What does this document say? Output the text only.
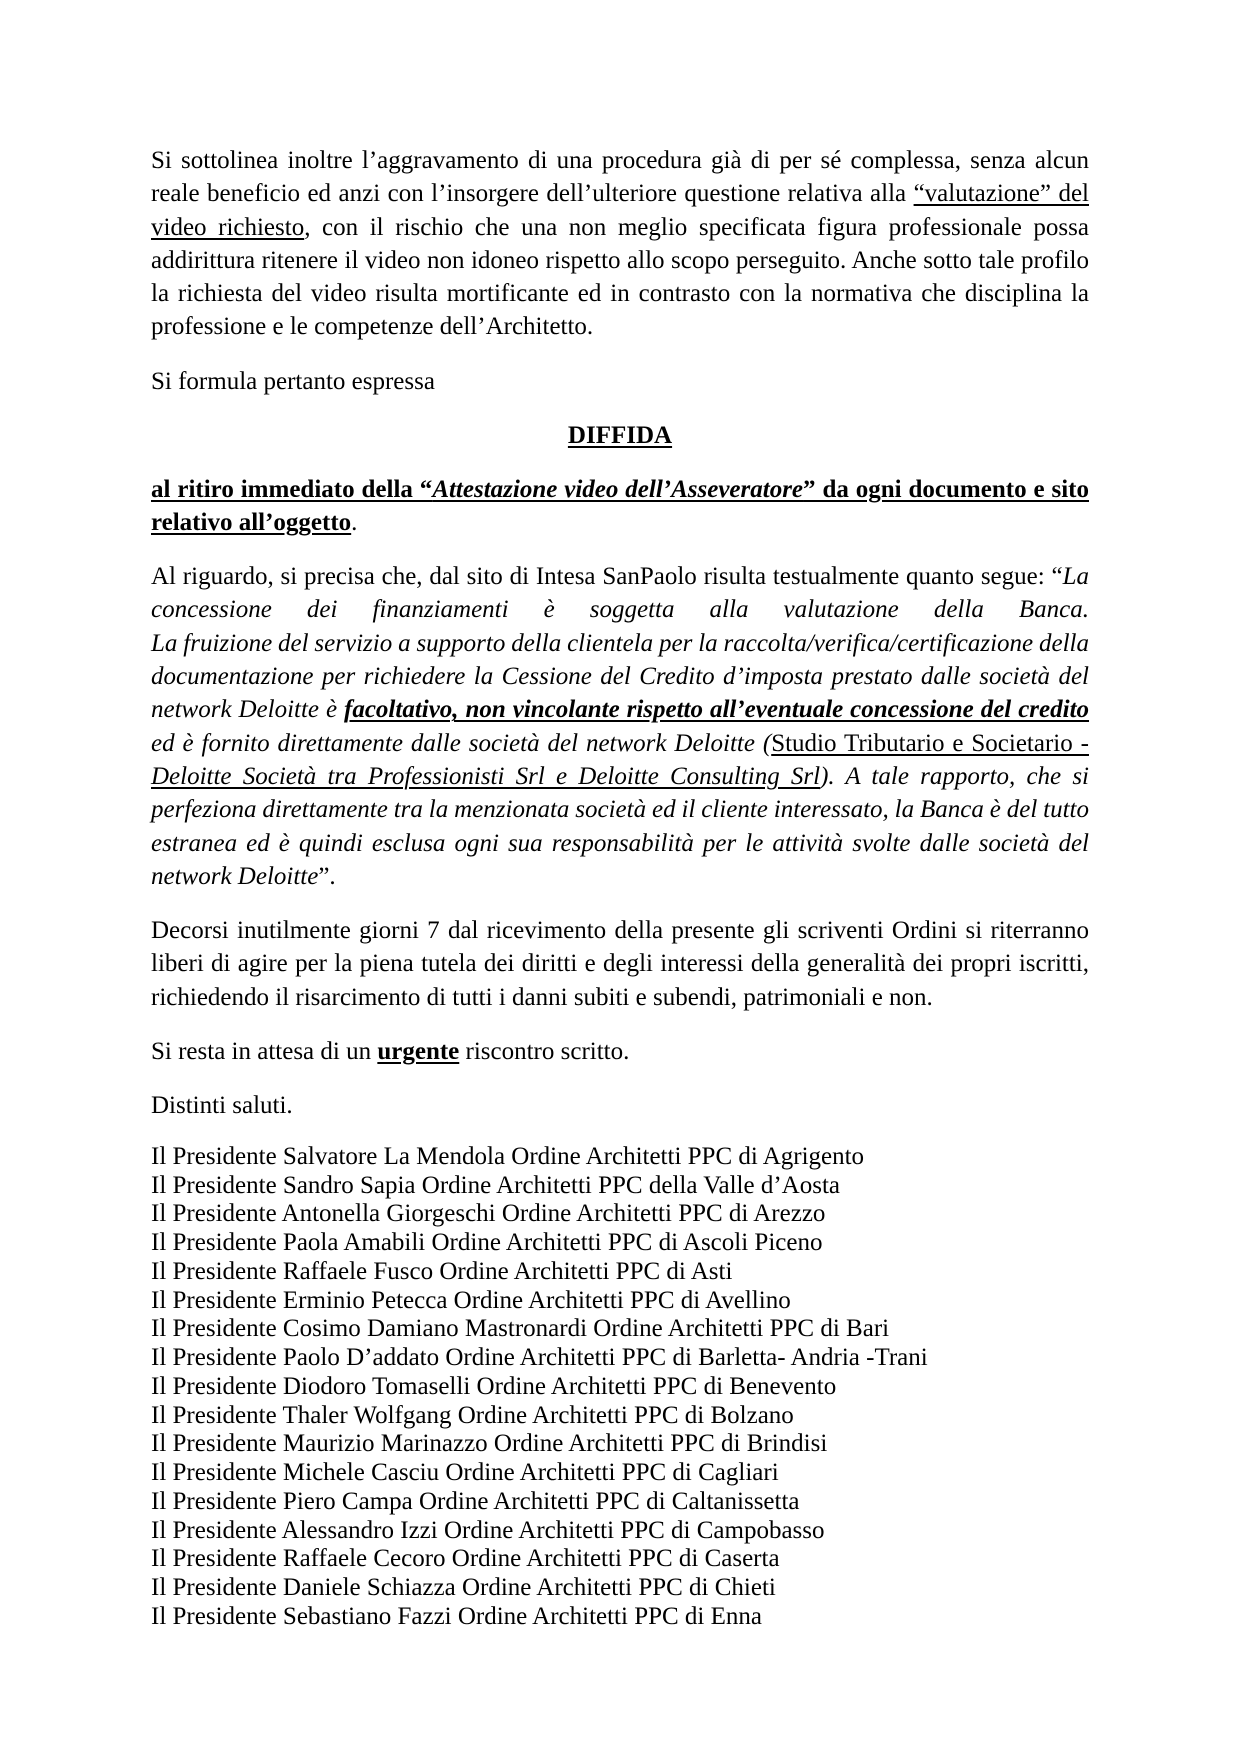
Si sottolinea inoltre l’aggravamento di una procedura già di per sé complessa, senza alcun
reale beneficio ed anzi con l’insorgere dell’ulteriore questione relativa alla “valutazione” del
video richiesto, con il rischio che una non meglio specificata figura professionale possa
addirittura ritenere il video non idoneo rispetto allo scopo perseguito. Anche sotto tale profilo
la richiesta del video risulta mortificante ed in contrasto con la normativa che disciplina la
professione e le competenze dell’Architetto.
Si formula pertanto espressa
DIFFIDA
al ritiro immediato della “Attestazione video dell’Asseveratore” da ogni documento e sito
relativo all’oggetto.
Al riguardo, si precisa che, dal sito di Intesa SanPaolo risulta testualmente quanto segue: “La
concessione dei finanziamenti è soggetta alla valutazione della Banca.
La fruizione del servizio a supporto della clientela per la raccolta/verifica/certificazione della
documentazione per richiedere la Cessione del Credito d’imposta prestato dalle società del
network Deloitte è facoltativo, non vincolante rispetto all’eventuale concessione del credito
ed è fornito direttamente dalle società del network Deloitte (Studio Tributario e Societario -
Deloitte Società tra Professionisti Srl e Deloitte Consulting Srl). A tale rapporto, che si
perfeziona direttamente tra la menzionata società ed il cliente interessato, la Banca è del tutto
estranea ed è quindi esclusa ogni sua responsabilità per le attività svolte dalle società del
network Deloitte”.
Decorsi inutilmente giorni 7 dal ricevimento della presente gli scriventi Ordini si riterranno
liberi di agire per la piena tutela dei diritti e degli interessi della generalità dei propri iscritti,
richiedendo il risarcimento di tutti i danni subiti e subendi, patrimoniali e non.
Si resta in attesa di un urgente riscontro scritto.
Distinti saluti.
Il Presidente Salvatore La Mendola Ordine Architetti PPC di Agrigento
Il Presidente Sandro Sapia Ordine Architetti PPC della Valle d’Aosta
Il Presidente Antonella Giorgeschi Ordine Architetti PPC di Arezzo
Il Presidente Paola Amabili Ordine Architetti PPC di Ascoli Piceno
Il Presidente Raffaele Fusco Ordine Architetti PPC di Asti
Il Presidente Erminio Petecca Ordine Architetti PPC di Avellino
Il Presidente Cosimo Damiano Mastronardi Ordine Architetti PPC di Bari
Il Presidente Paolo D’addato Ordine Architetti PPC di Barletta- Andria -Trani
Il Presidente Diodoro Tomaselli Ordine Architetti PPC di Benevento
Il Presidente Thaler Wolfgang Ordine Architetti PPC di Bolzano
Il Presidente Maurizio Marinazzo Ordine Architetti PPC di Brindisi
Il Presidente Michele Casciu Ordine Architetti PPC di Cagliari
Il Presidente Piero Campa Ordine Architetti PPC di Caltanissetta
Il Presidente Alessandro Izzi Ordine Architetti PPC di Campobasso
Il Presidente Raffaele Cecoro Ordine Architetti PPC di Caserta
Il Presidente Daniele Schiazza Ordine Architetti PPC di Chieti
Il Presidente Sebastiano Fazzi Ordine Architetti PPC di Enna
